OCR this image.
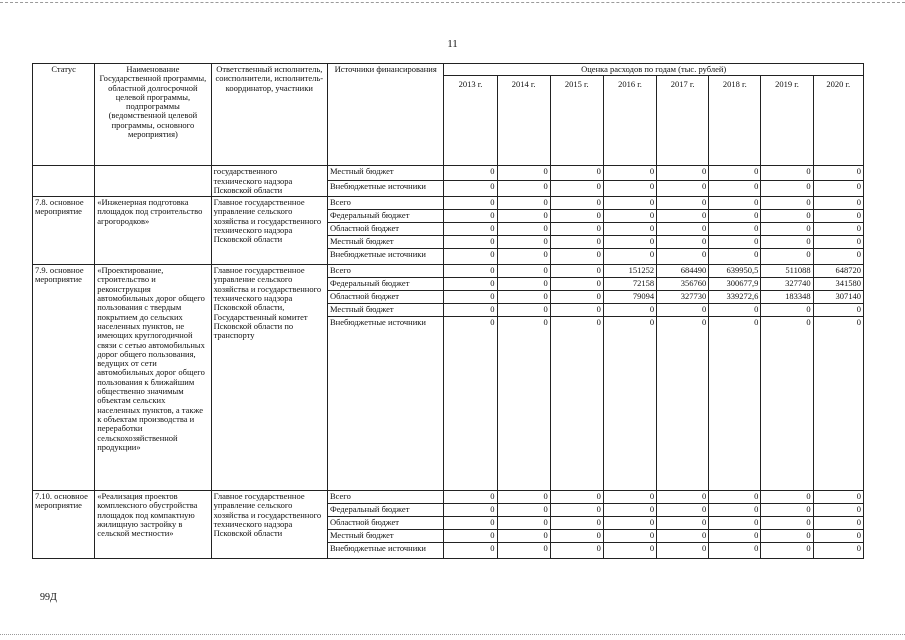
11
Статус	Наименование Государственной программы, областной долгосрочной целевой программы, подпрограммы (ведомственной целевой программы, основного мероприятия)	Ответственный исполнитель, соисполнители, исполнитель-координатор, участники	Источники финансирования	Оценка расходов по годам (тыс. рублей)							
				2013 г.	2014 г.	2015 г.	2016 г.	2017 г.	2018 г.	2019 г.	2020 г.
		государственного технического надзора Псковской области	Местный бюджет	0	0	0	0	0	0	0	0
			Внебюджетные источники	0	0	0	0	0	0	0	0
7.8. основное мероприятие	«Инженерная подготовка площадок под строительство агрогородков»	Главное государственное управление сельского хозяйства и государственного технического надзора Псковской области	Всего	0	0	0	0	0	0	0	0
			Федеральный бюджет	0	0	0	0	0	0	0	0
			Областной бюджет	0	0	0	0	0	0	0	0
			Местный бюджет	0	0	0	0	0	0	0	0
			Внебюджетные источники	0	0	0	0	0	0	0	0
7.9. основное мероприятие	«Проектирование, строительство и реконструкция автомобильных дорог общего пользования с твердым покрытием до сельских населенных пунктов, не имеющих круглогодичной связи с сетью автомобильных дорог общего пользования, ведущих от сети автомобильных дорог общего пользования к ближайшим общественно значимым объектам сельских населенных пунктов, а также к объектам производства и переработки сельскохозяйственной продукции»	Главное государственное управление сельского хозяйства и государственного технического надзора Псковской области, Государственный комитет Псковской области по транспорту	Всего	0	0	0	151252	684490	639950,5	511088	648720
			Федеральный бюджет	0	0	0	72158	356760	300677,9	327740	341580
			Областной бюджет	0	0	0	79094	327730	339272,6	183348	307140
			Местный бюджет	0	0	0	0	0	0	0	0
			Внебюджетные источники	0	0	0	0	0	0	0	0
7.10. основное мероприятие	«Реализация проектов комплексного обустройства площадок под компактную жилищную застройку в сельской местности»	Главное государственное управление сельского хозяйства и государственного технического надзора Псковской области	Всего	0	0	0	0	0	0	0	0
			Федеральный бюджет	0	0	0	0	0	0	0	0
			Областной бюджет	0	0	0	0	0	0	0	0
			Местный бюджет	0	0	0	0	0	0	0	0
			Внебюджетные источники	0	0	0	0	0	0	0	0
99Д
